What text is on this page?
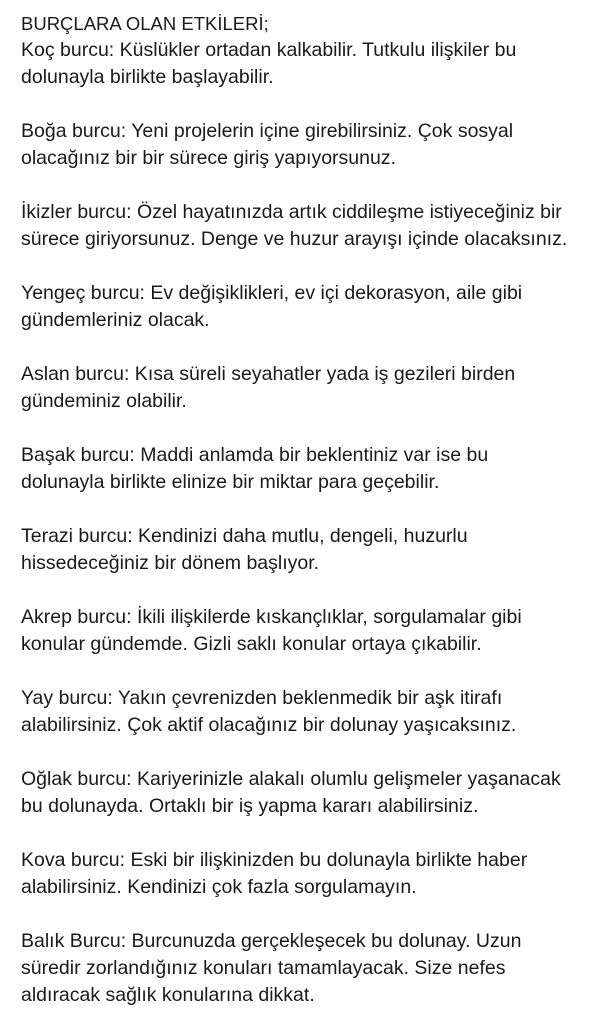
BURÇLARA OLAN ETKİLERİ;

Koç burcu: Küslükler ortadan kalkabilir. Tutkulu ilişkiler bu
dolunayla birlikte başlayabilir.

Boğa burcu: Yeni projelerin içine girebilirsiniz. Çok sosyal
olacağınız bir bir sürece giriş yapıyorsunuz.

İkizler burcu: Özel hayatınızda artık ciddileşme istiyeceğiniz bir
sürece giriyorsunuz. Denge ve huzur arayışı içinde olacaksınız.

Yengeç burcu: Ev değişiklikleri, ev içi dekorasyon, aile gibi
gündemleriniz olacak.

Aslan burcu: Kısa süreli seyahatler yada iş gezileri birden
gündeminiz olabilir.

Başak burcu: Maddi anlamda bir beklentiniz var ise bu
dolunayla birlikte elinize bir miktar para geçebilir.

Terazi burcu: Kendinizi daha mutlu, dengeli, huzurlu
hissedeceğiniz bir dönem başlıyor.

Akrep burcu: İkili ilişkilerde kıskançlıklar, sorgulamalar gibi
konular gündemde. Gizli saklı konular ortaya çıkabilir.

Yay burcu: Yakın çevrenizden beklenmedik bir aşk itirafı
alabilirsiniz. Çok aktif olacağınız bir dolunay yaşıcaksınız.

Oğlak burcu: Kariyerinizle alakalı olumlu gelişmeler yaşanacak
bu dolunayda. Ortaklı bir iş yapma kararı alabilirsiniz.

Kova burcu: Eski bir ilişkinizden bu dolunayla birlikte haber
alabilirsiniz. Kendinizi çok fazla sorgulamayın.

Balık Burcu: Burcunuzda gerçekleşecek bu dolunay. Uzun
süredir zorlandığınız konuları tamamlayacak. Size nefes
aldıracak sağlık konularına dikkat.
